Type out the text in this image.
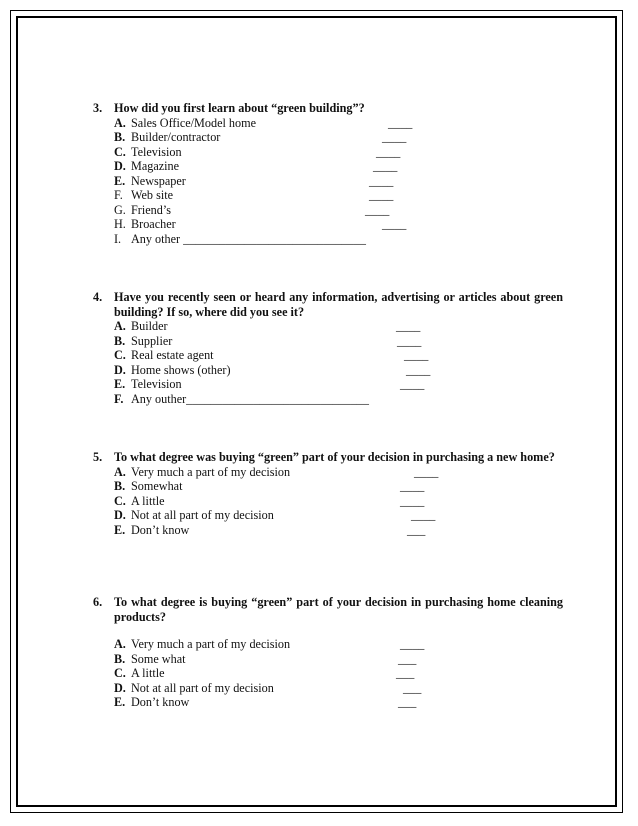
3. How did you first learn about “green building”?
A. Sales Office/Model home	____
B. Builder/contractor	____
C. Television	____
D. Magazine	____
E. Newspaper	____
F. Web site	____
G. Friend’s	____
H. Broacher	____
I. Any other ______________________________
4. Have you recently seen or heard any information, advertising or articles about green building? If so, where did you see it?
A. Builder	____
B. Supplier	____
C. Real estate agent	____
D. Home shows (other)	____
E. Television	____
F. Any outher______________________________
5. To what degree was buying “green” part of your decision in purchasing a new home?
A. Very much a part of my decision	____
B. Somewhat	____
C. A little	____
D. Not at all part of my decision	____
E. Don’t know	___
6. To what degree is buying “green” part of your decision in purchasing home cleaning products?
A. Very much a part of my decision	____
B. Some what	___
C. A little	___
D. Not at all part of my decision	___
E. Don’t know	___
